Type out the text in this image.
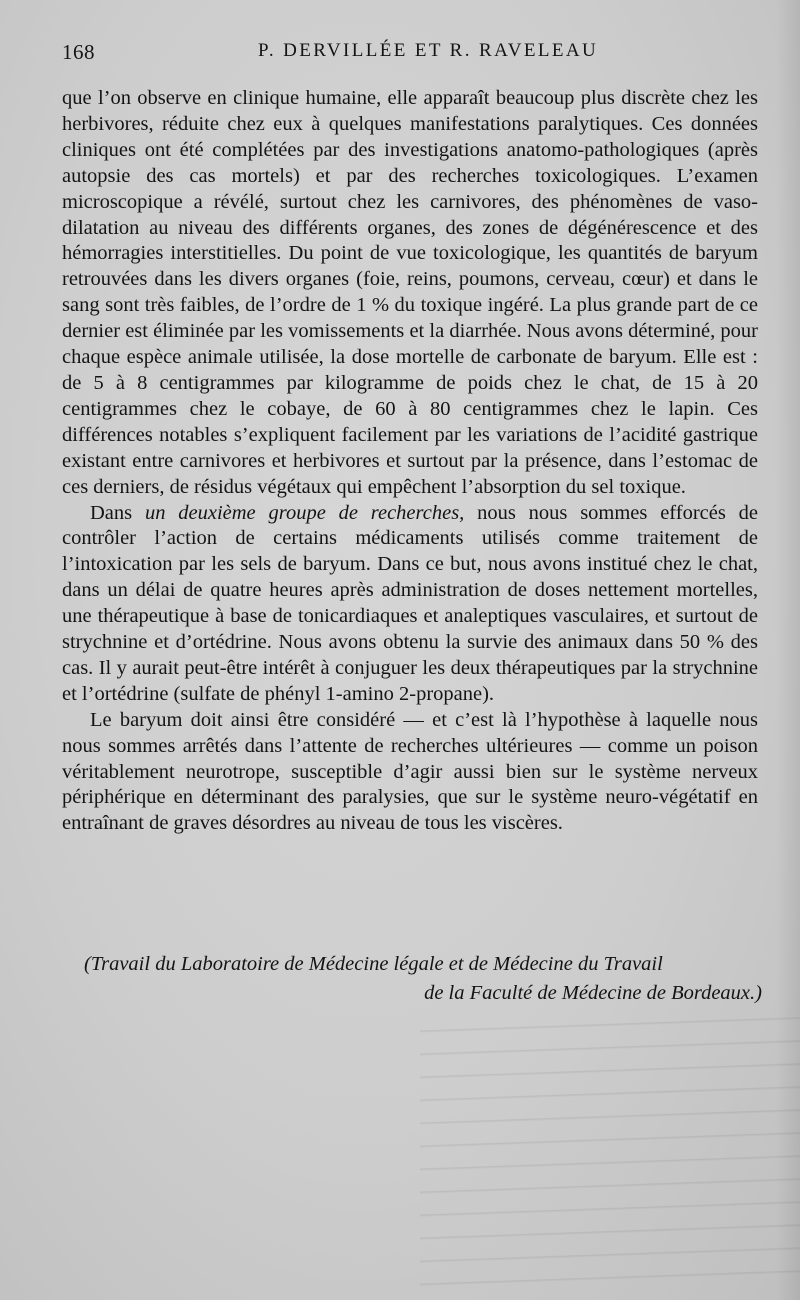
168	P. DERVILLÉE ET R. RAVELEAU

que l’on observe en clinique humaine, elle apparaît beaucoup plus discrète chez les herbivores, réduite chez eux à quelques manifestations paralytiques. Ces données cliniques ont été complétées par des investigations anatomo-pathologiques (après autopsie des cas mortels) et par des recherches toxicologiques. L’examen microscopique a révélé, surtout chez les carnivores, des phénomènes de vaso-dilatation au niveau des différents organes, des zones de dégénérescence et des hémorragies interstitielles. Du point de vue toxicologique, les quantités de baryum retrouvées dans les divers organes (foie, reins, poumons, cerveau, cœur) et dans le sang sont très faibles, de l’ordre de 1 % du toxique ingéré. La plus grande part de ce dernier est éliminée par les vomissements et la diarrhée. Nous avons déterminé, pour chaque espèce animale utilisée, la dose mortelle de carbonate de baryum. Elle est : de 5 à 8 centigrammes par kilogramme de poids chez le chat, de 15 à 20 centigrammes chez le cobaye, de 60 à 80 centigrammes chez le lapin. Ces différences notables s’expliquent facilement par les variations de l’acidité gastrique existant entre carnivores et herbivores et surtout par la présence, dans l’estomac de ces derniers, de résidus végétaux qui empêchent l’absorption du sel toxique.

Dans un deuxième groupe de recherches, nous nous sommes efforcés de contrôler l’action de certains médicaments utilisés comme traitement de l’intoxication par les sels de baryum. Dans ce but, nous avons institué chez le chat, dans un délai de quatre heures après administration de doses nettement mortelles, une thérapeutique à base de tonicardiaques et analeptiques vasculaires, et surtout de strychnine et d’ortédrine. Nous avons obtenu la survie des animaux dans 50 % des cas. Il y aurait peut-être intérêt à conjuguer les deux thérapeutiques par la strychnine et l’ortédrine (sulfate de phényl 1-amino 2-propane).

Le baryum doit ainsi être considéré — et c’est là l’hypothèse à laquelle nous nous sommes arrêtés dans l’attente de recherches ultérieures — comme un poison véritablement neurotrope, susceptible d’agir aussi bien sur le système nerveux périphérique en déterminant des paralysies, que sur le système neuro-végétatif en entraînant de graves désordres au niveau de tous les viscères.

(Travail du Laboratoire de Médecine légale et de Médecine du Travail
de la Faculté de Médecine de Bordeaux.)
